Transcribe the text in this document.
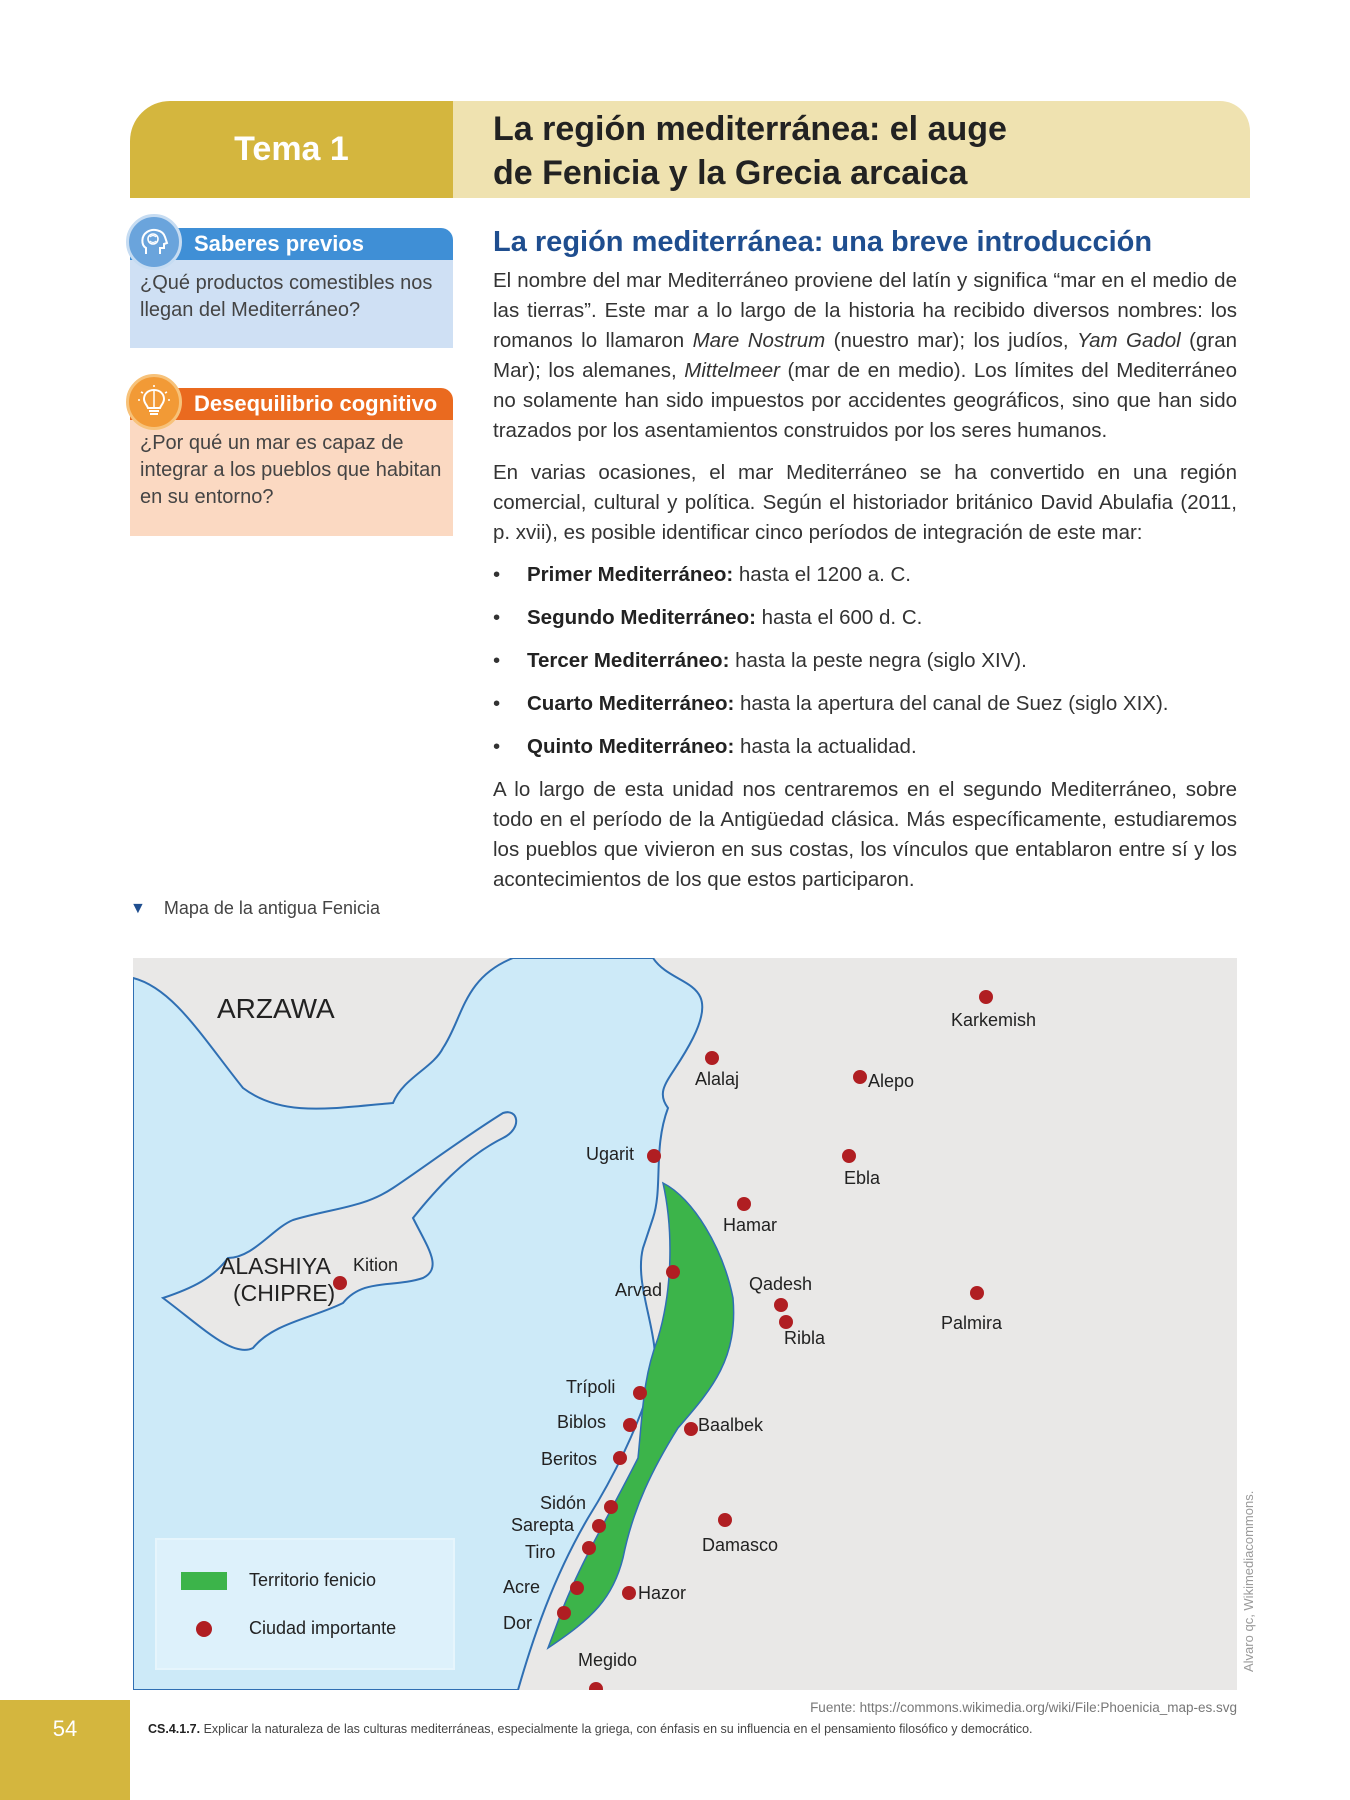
Tema 1
La región mediterránea: el auge
de Fenicia y la Grecia arcaica
Saberes previos
¿Qué productos comestibles nos llegan del Mediterráneo?
Desequilibrio cognitivo
¿Por qué un mar es capaz de integrar a los pueblos que habitan en su entorno?
La región mediterránea: una breve introducción

El nombre del mar Mediterráneo proviene del latín y significa “mar en el medio de las tierras”. Este mar a lo largo de la historia ha recibido diversos nombres: los romanos lo llamaron Mare Nostrum (nuestro mar); los judíos, Yam Gadol (gran Mar); los alemanes, Mittelmeer (mar de en medio). Los límites del Mediterráneo no solamente han sido impuestos por accidentes geográficos, sino que han sido trazados por los asentamientos construidos por los seres humanos.

En varias ocasiones, el mar Mediterráneo se ha convertido en una región comercial, cultural y política. Según el historiador británico David Abulafia (2011, p. xvii), es posible identificar cinco períodos de integración de este mar:

• Primer Mediterráneo: hasta el 1200 a. C.
• Segundo Mediterráneo: hasta el 600 d. C.
• Tercer Mediterráneo: hasta la peste negra (siglo XIV).
• Cuarto Mediterráneo: hasta la apertura del canal de Suez (siglo XIX).
• Quinto Mediterráneo: hasta la actualidad.

A lo largo de esta unidad nos centraremos en el segundo Mediterráneo, sobre todo en el período de la Antigüedad clásica. Más específicamente, estudiaremos los pueblos que vivieron en sus costas, los vínculos que entablaron entre sí y los acontecimientos de los que estos participaron.

▼ Mapa de la antigua Fenicia
ARZAWA
ALASHIYA
(CHIPRE)
Karkemish
Alalaj	Alepo
Ugarit
Ebla
Hamar
Kition
Arvad	Qadesh
Ribla
Palmira
Trípoli
Biblos	Baalbek
Beritos
Sidón
Sarepta
Tiro	Damasco
Acre	Hazor
Dor
Megido
Territorio fenicio
Ciudad importante	Alvaro qc, Wikimediacommons.
Fuente: https://commons.wikimedia.org/wiki/File:Phoenicia_map-es.svg
54	CS.4.1.7. Explicar la naturaleza de las culturas mediterráneas, especialmente la griega, con énfasis en su influencia en el pensamiento filosófico y democrático.
